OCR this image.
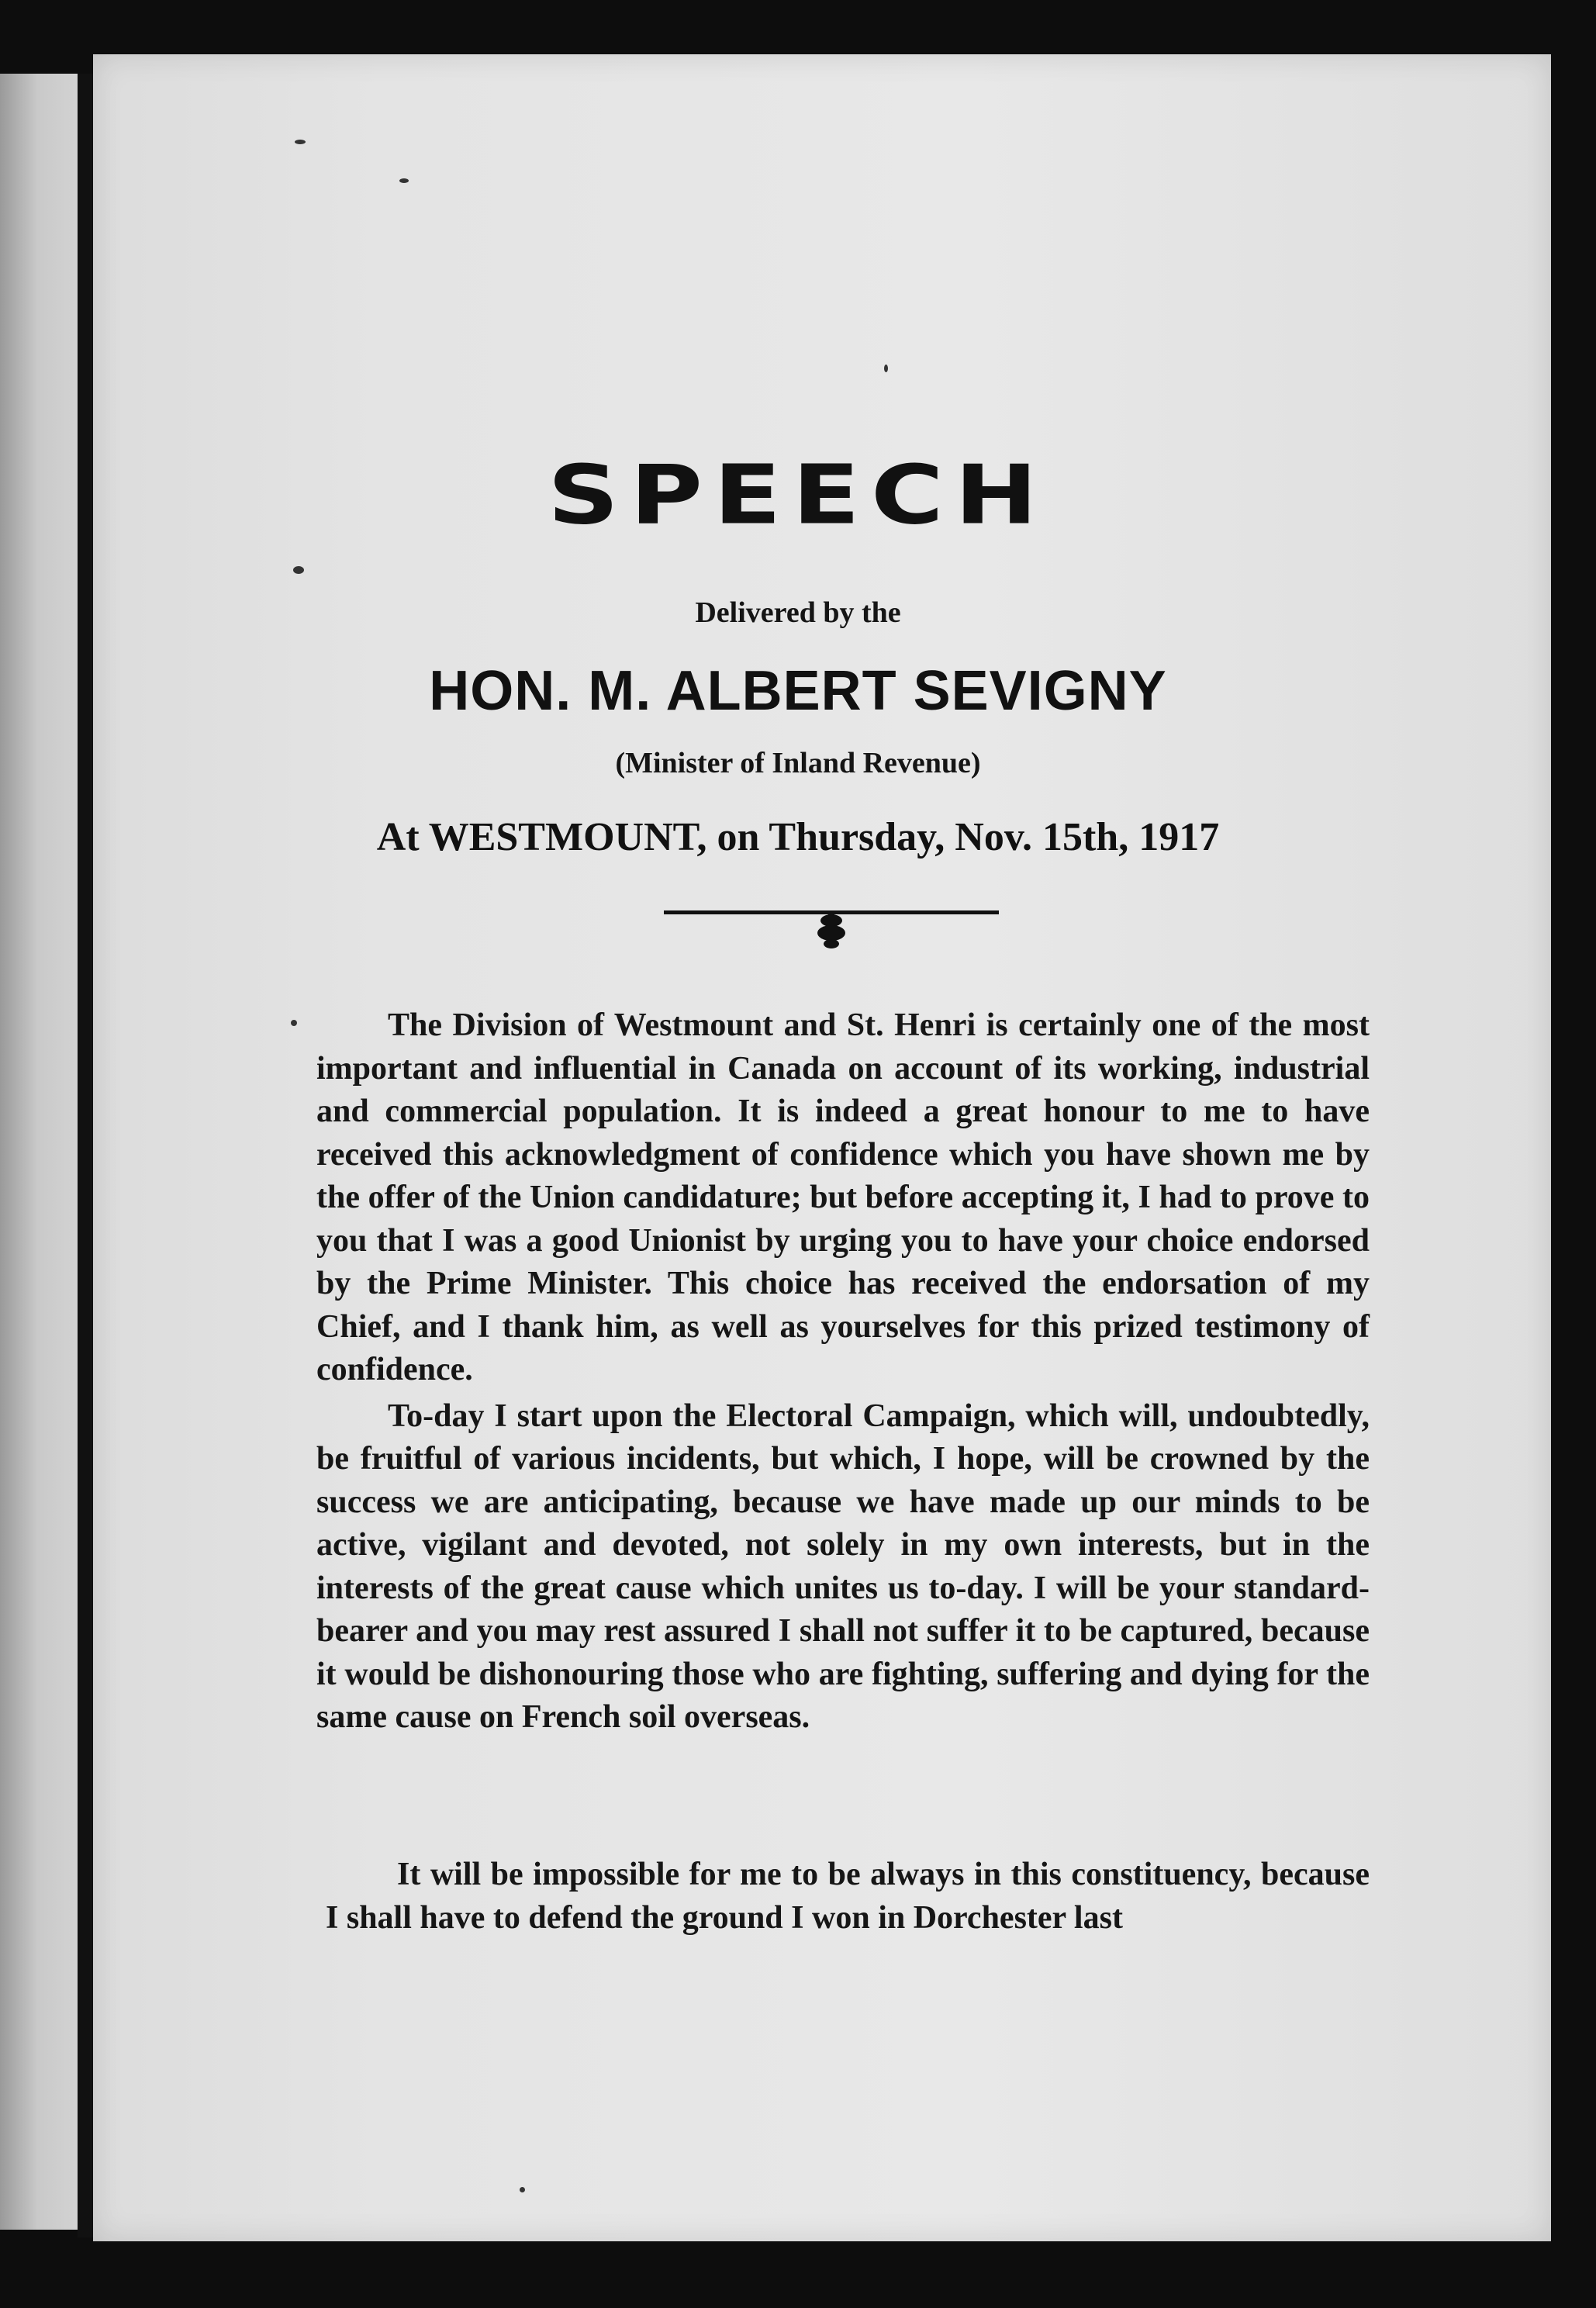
SPEECH
Delivered by the
HON. M. ALBERT SEVIGNY
(Minister of Inland Revenue)
At WESTMOUNT, on Thursday, Nov. 15th, 1917

The Division of Westmount and St. Henri is certainly one of the most important and influential in Canada on account of its working, industrial and commercial population. It is indeed a great honour to me to have received this acknowledgment of confidence which you have shown me by the offer of the Union candidature; but before accepting it, I had to prove to you that I was a good Unionist by urging you to have your choice endorsed by the Prime Minister. This choice has received the endorsation of my Chief, and I thank him, as well as yourselves for this prized testimony of confidence.

To-day I start upon the Electoral Campaign, which will, undoubtedly, be fruitful of various incidents, but which, I hope, will be crowned by the success we are anticipating, because we have made up our minds to be active, vigilant and devoted, not solely in my own interests, but in the interests of the great cause which unites us to-day. I will be your standard-bearer and you may rest assured I shall not suffer it to be captured, because it would be dishonouring those who are fighting, suffering and dying for the same cause on French soil overseas.

It will be impossible for me to be always in this constituency, because I shall have to defend the ground I won in Dorchester last
